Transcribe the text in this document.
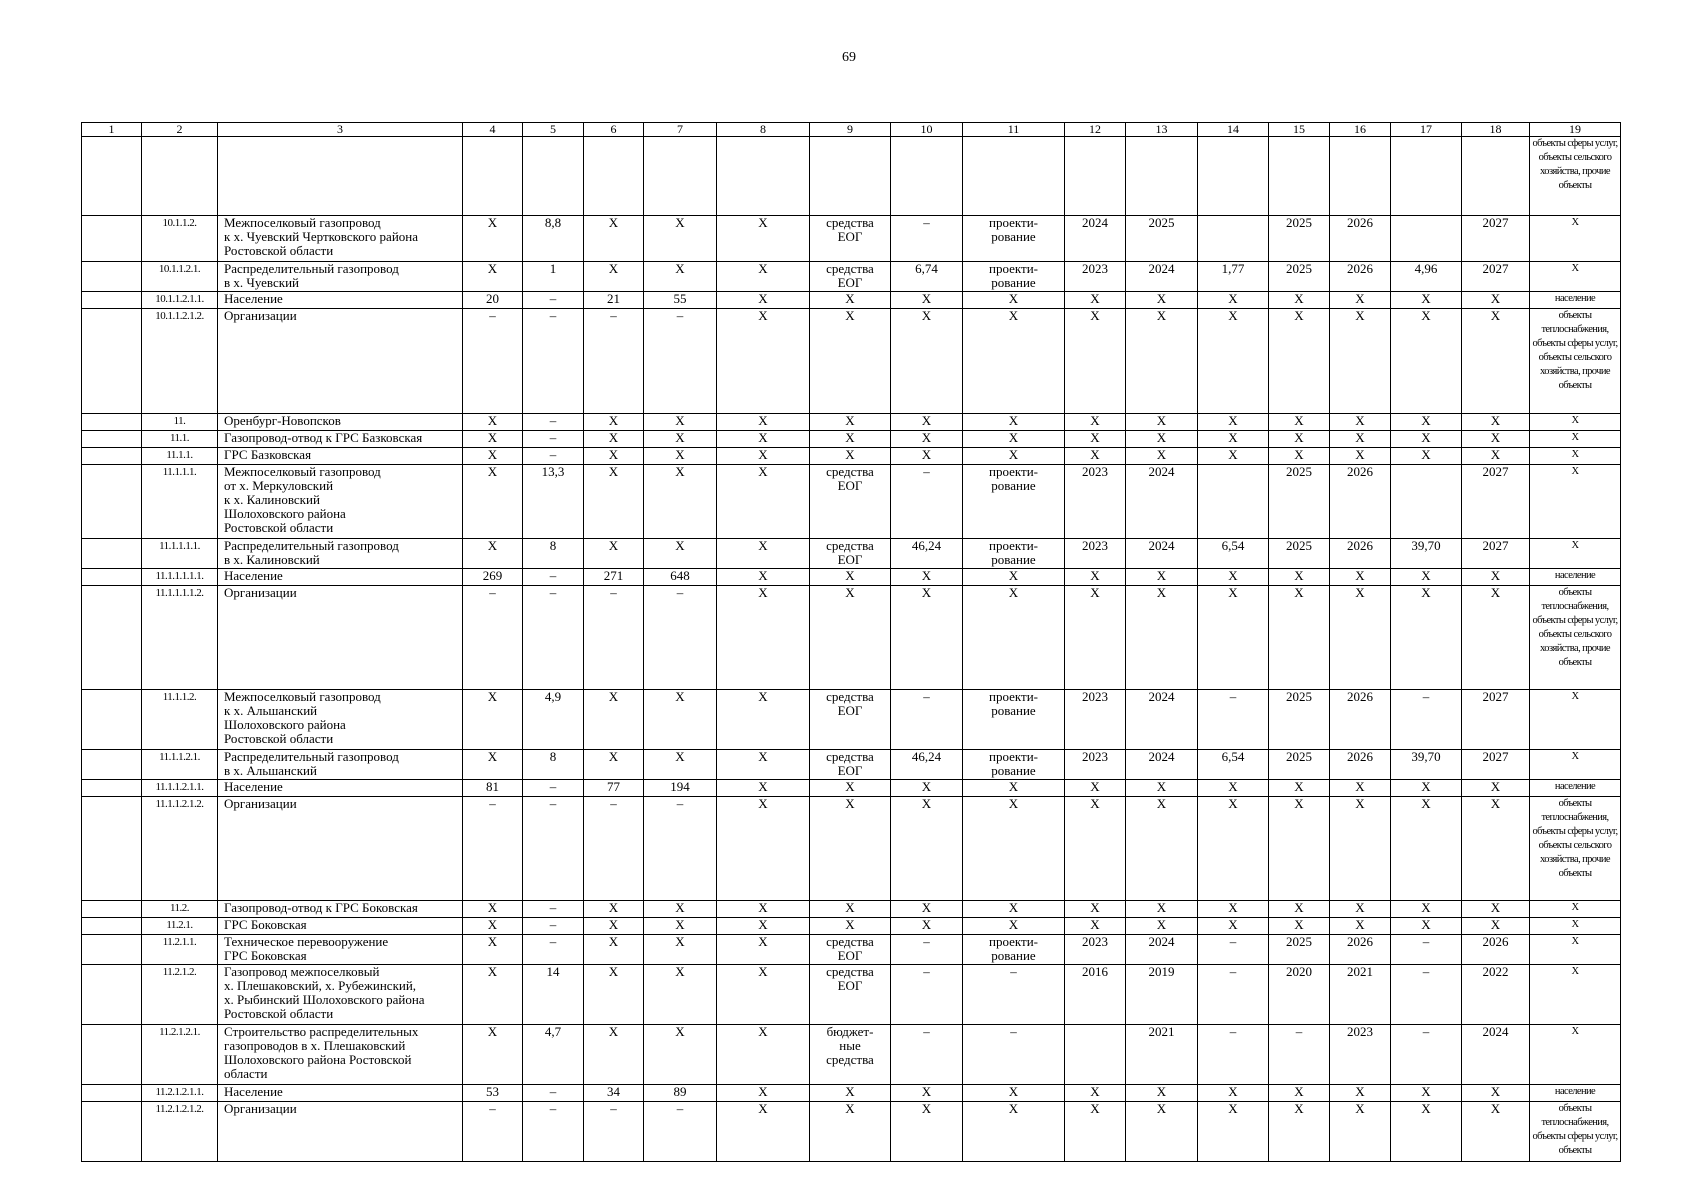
69
1	2	3	4	5	6	7	8	9	10	11	12	13	14	15	16	17	18	19
																		объекты сферы услуг, объекты сельского хозяйства, прочие объекты
	10.1.1.2.	Межпоселковый газопровод
к х. Чуевский Чертковского района
Ростовской области	Х	8,8	Х	Х	Х	средства
ЕОГ	–	проекти-
рование	2024	2025		2025	2026		2027	Х
	10.1.1.2.1.	Распределительный газопровод
в х. Чуевский	Х	1	Х	Х	Х	средства
ЕОГ	6,74	проекти-
рование	2023	2024	1,77	2025	2026	4,96	2027	Х
	10.1.1.2.1.1.	Население	20	–	21	55	Х	Х	Х	Х	Х	Х	Х	Х	Х	Х	Х	население
	10.1.1.2.1.2.	Организации	–	–	–	–	Х	Х	Х	Х	Х	Х	Х	Х	Х	Х	Х	объекты теплоснабжения, объекты сферы услуг, объекты сельского хозяйства, прочие объекты
	11.	Оренбург-Новопсков	Х	–	Х	Х	Х	Х	Х	Х	Х	Х	Х	Х	Х	Х	Х	Х
	11.1.	Газопровод-отвод к ГРС Базковская	Х	–	Х	Х	Х	Х	Х	Х	Х	Х	Х	Х	Х	Х	Х	Х
	11.1.1.	ГРС Базковская	Х	–	Х	Х	Х	Х	Х	Х	Х	Х	Х	Х	Х	Х	Х	Х
	11.1.1.1.	Межпоселковый газопровод
от х. Меркуловский
к х. Калиновский
Шолоховского района
Ростовской области	Х	13,3	Х	Х	Х	средства
ЕОГ	–	проекти-
рование	2023	2024		2025	2026		2027	Х
	11.1.1.1.1.	Распределительный газопровод
в х. Калиновский	Х	8	Х	Х	Х	средства
ЕОГ	46,24	проекти-
рование	2023	2024	6,54	2025	2026	39,70	2027	Х
	11.1.1.1.1.1.	Население	269	–	271	648	Х	Х	Х	Х	Х	Х	Х	Х	Х	Х	Х	население
	11.1.1.1.1.2.	Организации	–	–	–	–	Х	Х	Х	Х	Х	Х	Х	Х	Х	Х	Х	объекты теплоснабжения, объекты сферы услуг, объекты сельского хозяйства, прочие объекты
	11.1.1.2.	Межпоселковый газопровод
к х. Альшанский
Шолоховского района
Ростовской области	Х	4,9	Х	Х	Х	средства
ЕОГ	–	проекти-
рование	2023	2024	–	2025	2026	–	2027	Х
	11.1.1.2.1.	Распределительный газопровод
в х. Альшанский	Х	8	Х	Х	Х	средства
ЕОГ	46,24	проекти-
рование	2023	2024	6,54	2025	2026	39,70	2027	Х
	11.1.1.2.1.1.	Население	81	–	77	194	Х	Х	Х	Х	Х	Х	Х	Х	Х	Х	Х	население
	11.1.1.2.1.2.	Организации	–	–	–	–	Х	Х	Х	Х	Х	Х	Х	Х	Х	Х	Х	объекты теплоснабжения, объекты сферы услуг, объекты сельского хозяйства, прочие объекты
	11.2.	Газопровод-отвод к ГРС Боковская	Х	–	Х	Х	Х	Х	Х	Х	Х	Х	Х	Х	Х	Х	Х	Х
	11.2.1.	ГРС Боковская	Х	–	Х	Х	Х	Х	Х	Х	Х	Х	Х	Х	Х	Х	Х	Х
	11.2.1.1.	Техническое перевооружение
ГРС Боковская	Х	–	Х	Х	Х	средства
ЕОГ	–	проекти-
рование	2023	2024	–	2025	2026	–	2026	Х
	11.2.1.2.	Газопровод межпоселковый
х. Плешаковский, х. Рубежинский,
х. Рыбинский Шолоховского района
Ростовской области	Х	14	Х	Х	Х	средства
ЕОГ	–	–	2016	2019	–	2020	2021	–	2022	Х
	11.2.1.2.1.	Строительство распределительных
газопроводов в х. Плешаковский
Шолоховского района Ростовской
области	Х	4,7	Х	Х	Х	бюджет-
ные
средства	–	–		2021	–	–	2023	–	2024	Х
	11.2.1.2.1.1.	Население	53	–	34	89	Х	Х	Х	Х	Х	Х	Х	Х	Х	Х	Х	население
	11.2.1.2.1.2.	Организации	–	–	–	–	Х	Х	Х	Х	Х	Х	Х	Х	Х	Х	Х	объекты теплоснабжения, объекты сферы услуг, объекты
